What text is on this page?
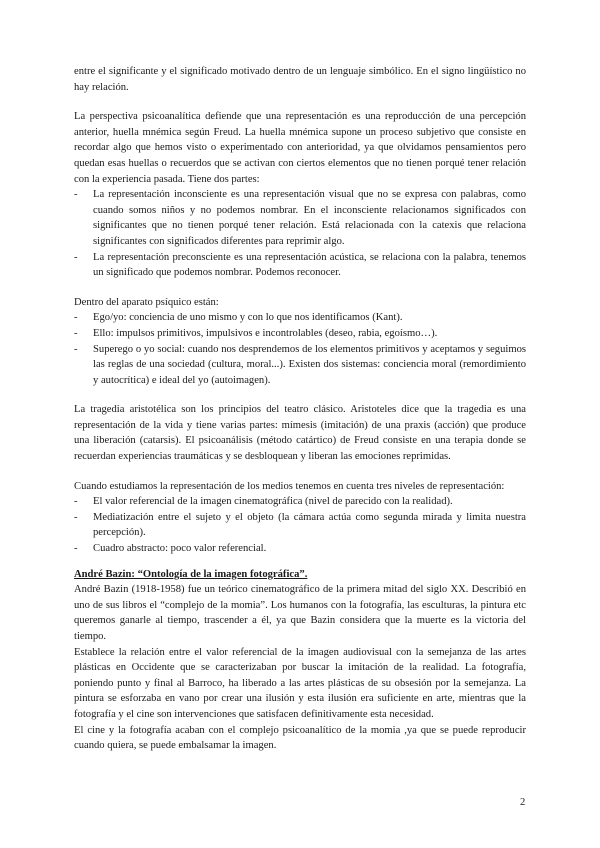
entre el significante y el significado motivado dentro de un lenguaje simbólico. En el signo lingüístico no hay relación.

La perspectiva psicoanalítica defiende que una representación es una reproducción de una percepción anterior, huella mnémica según Freud. La huella mnémica supone un proceso subjetivo que consiste en recordar algo que hemos visto o experimentado con anterioridad, ya que olvidamos pensamientos pero quedan esas huellas o recuerdos que se activan con ciertos elementos que no tienen porqué tener relación con la experiencia pasada. Tiene dos partes:

- La representación inconsciente es una representación visual que no se expresa con palabras, como cuando somos niños y no podemos nombrar. En el inconsciente relacionamos significados con significantes que no tienen porqué tener relación. Está relacionada con la catexis que relaciona significantes con significados diferentes para reprimir algo.
- La representación preconsciente es una representación acústica, se relaciona con la palabra, tenemos un significado que podemos nombrar. Podemos reconocer.

Dentro del aparato psíquico están:

- Ego/yo: conciencia de uno mismo y con lo que nos identificamos (Kant).
- Ello: impulsos primitivos, impulsivos e incontrolables (deseo, rabia, egoísmo…).
- Superego o yo social: cuando nos desprendemos de los elementos primitivos y aceptamos y seguimos las reglas de una sociedad (cultura, moral...). Existen dos sistemas: conciencia moral (remordimiento y autocrítica) e ideal del yo (autoimagen).

La tragedia aristotélica son los principios del teatro clásico. Aristoteles dice que la tragedia es una representación de la vida y tiene varias partes: mímesis (imitación) de una praxis (acción) que produce una liberación (catarsis). El psicoanálisis (método catártico) de Freud consiste en una terapia donde se recuerdan experiencias traumáticas y se desbloquean y liberan las emociones reprimidas.

Cuando estudiamos la representación de los medios tenemos en cuenta tres niveles de representación:

- El valor referencial de la imagen cinematográfica (nivel de parecido con la realidad).
- Mediatización entre el sujeto y el objeto (la cámara actúa como segunda mirada y limita nuestra percepción).
- Cuadro abstracto: poco valor referencial.
André Bazin: “Ontología de la imagen fotográfica”.

André Bazin (1918-1958) fue un teórico cinematográfico de la primera mitad del siglo XX. Describió en uno de sus libros el “complejo de la momia”. Los humanos con la fotografía, las esculturas, la pintura etc queremos ganarle al tiempo, trascender a él, ya que Bazin considera que la muerte es la victoria del tiempo.

Establece la relación entre el valor referencial de la imagen audiovisual con la semejanza de las artes plásticas en Occidente que se caracterizaban por buscar la imitación de la realidad. La fotografía, poniendo punto y final al Barroco, ha liberado a las artes plásticas de su obsesión por la semejanza. La pintura se esforzaba en vano por crear una ilusión y esta ilusión era suficiente en arte, mientras que la fotografía y el cine son intervenciones que satisfacen definitivamente esta necesidad.

El cine y la fotografía acaban con el complejo psicoanalítico de la momia ,ya que se puede reproducir cuando quiera, se puede embalsamar la imagen.

2
